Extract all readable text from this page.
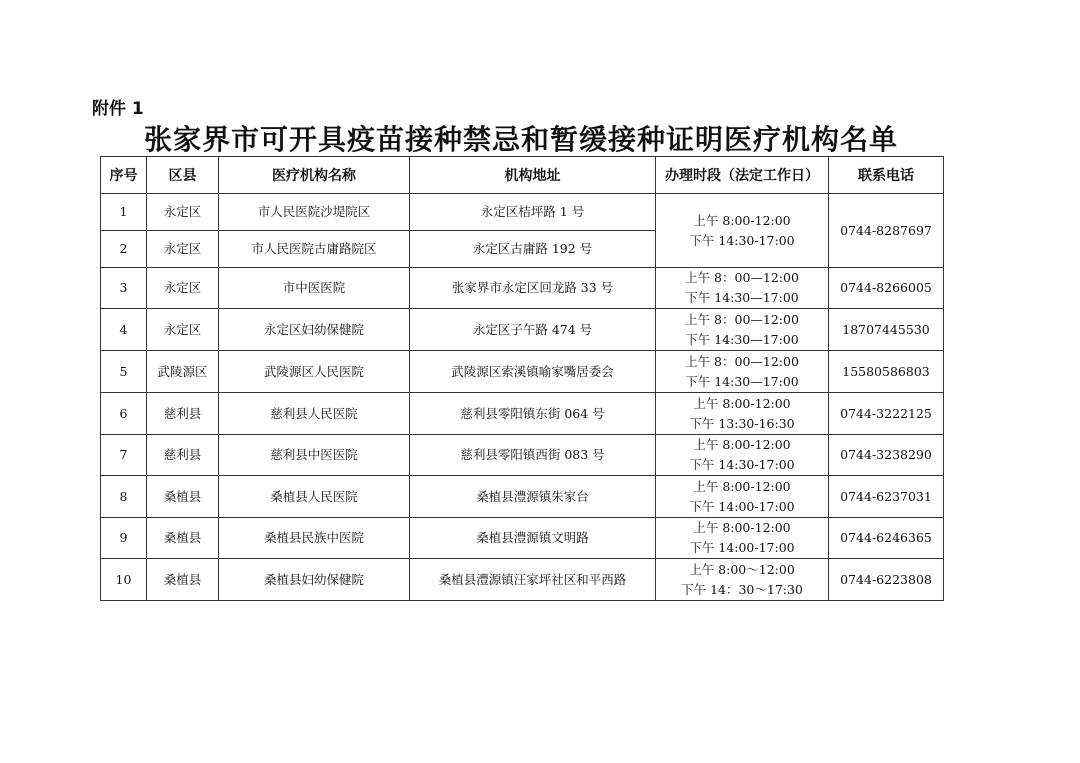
附件 1
张家界市可开具疫苗接种禁忌和暂缓接种证明医疗机构名单
序号	区县	医疗机构名称	机构地址	办理时段（法定工作日）	联系电话
1	永定区	市人民医院沙堤院区	永定区桔坪路 1 号	上午 8:00-12:00
下午 14:30-17:00	0744-8287697
2	永定区	市人民医院古庸路院区	永定区古庸路 192 号		
3	永定区	市中医医院	张家界市永定区回龙路 33 号	上午 8：00—12:00
下午 14:30—17:00	0744-8266005
4	永定区	永定区妇幼保健院	永定区子午路 474 号	上午 8：00—12:00
下午 14:30—17:00	18707445530
5	武陵源区	武陵源区人民医院	武陵源区索溪镇喻家嘴居委会	上午 8：00—12:00
下午 14:30—17:00	15580586803
6	慈利县	慈利县人民医院	慈利县零阳镇东街 064 号	上午 8:00-12:00
下午 13:30-16:30	0744-3222125
7	慈利县	慈利县中医医院	慈利县零阳镇西街 083 号	上午 8:00-12:00
下午 14:30-17:00	0744-3238290
8	桑植县	桑植县人民医院	桑植县澧源镇朱家台	上午 8:00-12:00
下午 14:00-17:00	0744-6237031
9	桑植县	桑植县民族中医院	桑植县澧源镇文明路	上午 8:00-12:00
下午 14:00-17:00	0744-6246365
10	桑植县	桑植县妇幼保健院	桑植县澧源镇汪家坪社区和平西路	上午 8:00～12:00
下午 14：30～17:30	0744-6223808
